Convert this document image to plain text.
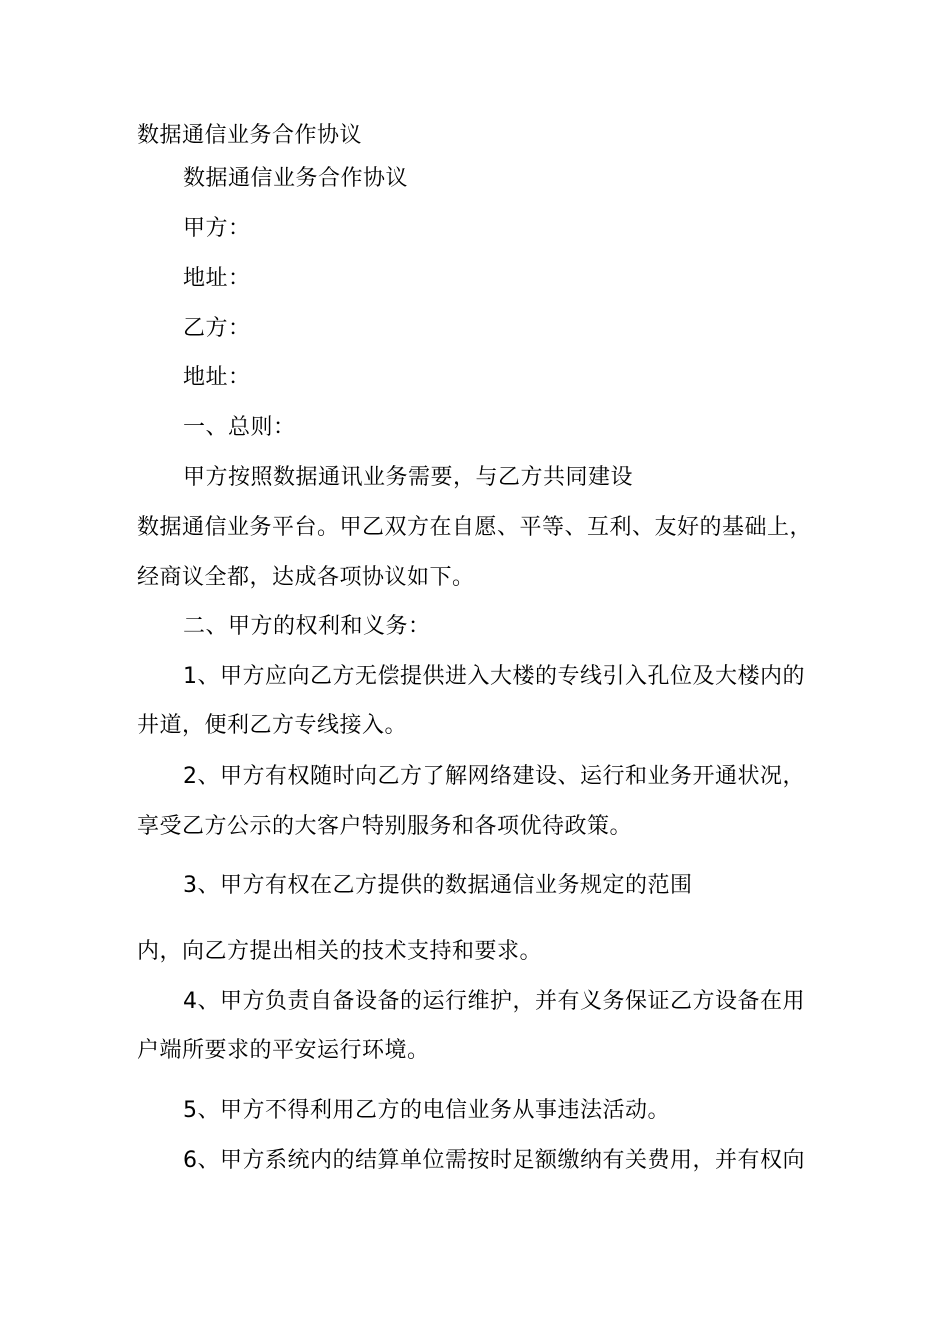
数据通信业务合作协议
数据通信业务合作协议
甲方：
地址：
乙方：
地址：
一、总则：
甲方按照数据通讯业务需要，与乙方共同建设
数据通信业务平台。甲乙双方在自愿、平等、互利、友好的基础上，
经商议全都，达成各项协议如下。
二、甲方的权利和义务：
1、甲方应向乙方无偿提供进入大楼的专线引入孔位及大楼内的
井道，便利乙方专线接入。
2、甲方有权随时向乙方了解网络建设、运行和业务开通状况，
享受乙方公示的大客户特别服务和各项优待政策。
3、甲方有权在乙方提供的数据通信业务规定的范围
内，向乙方提出相关的技术支持和要求。
4、甲方负责自备设备的运行维护，并有义务保证乙方设备在用
户端所要求的平安运行环境。
5、甲方不得利用乙方的电信业务从事违法活动。
6、甲方系统内的结算单位需按时足额缴纳有关费用，并有权向
